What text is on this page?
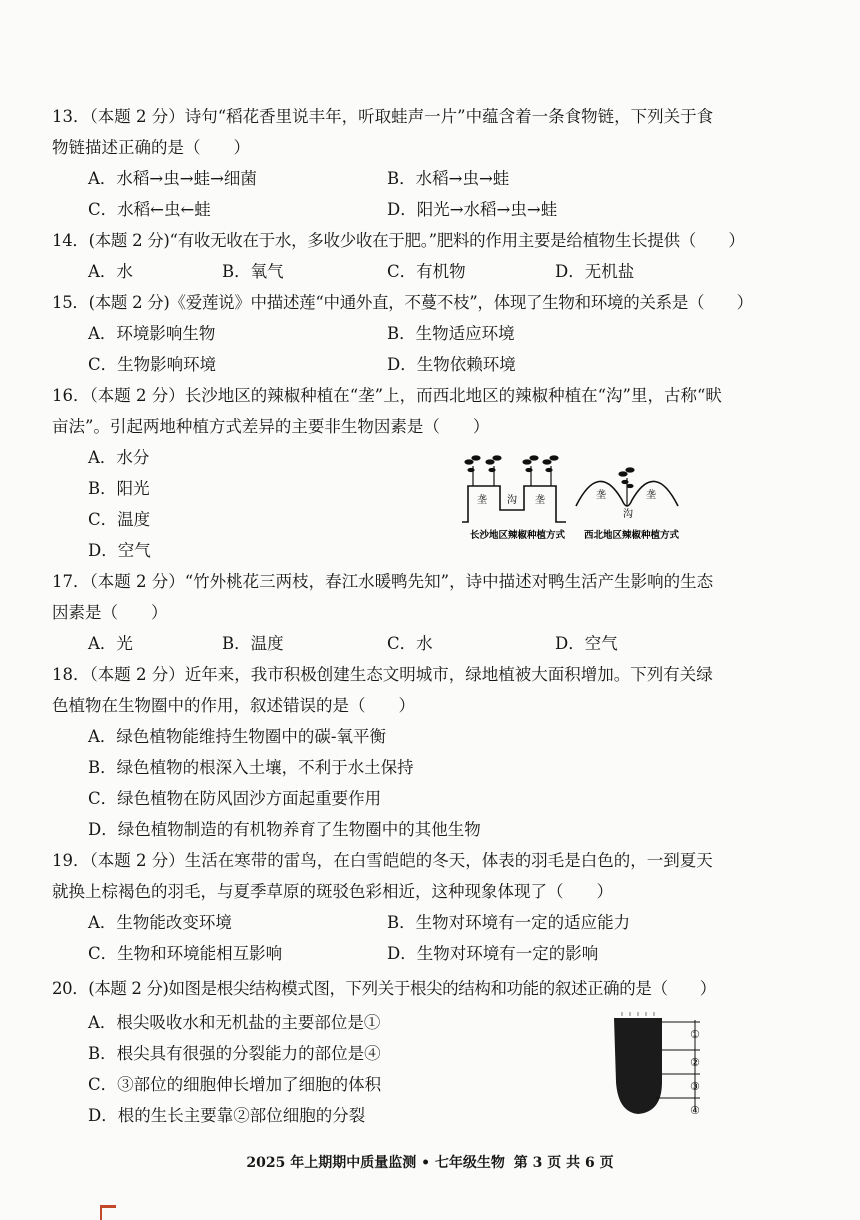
13．（本题 2 分）诗句“稻花香里说丰年，听取蛙声一片”中蕴含着一条食物链，下列关于食
物链描述正确的是（　　）
A．水稻→虫→蛙→细菌	B．水稻→虫→蛙
C．水稻←虫←蛙	D．阳光→水稻→虫→蛙
14．(本题 2 分)“有收无收在于水，多收少收在于肥。”肥料的作用主要是给植物生长提供（　　）
A．水	B．氧气	C．有机物	D．无机盐
15．(本题 2 分)《爱莲说》中描述莲“中通外直，不蔓不枝”，体现了生物和环境的关系是（　　）
A．环境影响生物	B．生物适应环境
C．生物影响环境	D．生物依赖环境
16．（本题 2 分）长沙地区的辣椒种植在“垄”上，而西北地区的辣椒种植在“沟”里，古称“畎
亩法”。引起两地种植方式差异的主要非生物因素是（　　）
A．水分
B．阳光
C．温度
D．空气
垄 沟 垄	垄	垄
沟
长沙地区辣椒种植方式 西北地区辣椒种植方式
17．（本题 2 分）“竹外桃花三两枝，春江水暖鸭先知”，诗中描述对鸭生活产生影响的生态
因素是（　　）
A．光	B．温度	C．水	D．空气
18．（本题 2 分）近年来，我市积极创建生态文明城市，绿地植被大面积增加。下列有关绿
色植物在生物圈中的作用，叙述错误的是（　　）
A．绿色植物能维持生物圈中的碳-氧平衡
B．绿色植物的根深入土壤，不利于水土保持
C．绿色植物在防风固沙方面起重要作用
D．绿色植物制造的有机物养育了生物圈中的其他生物
19．（本题 2 分）生活在寒带的雷鸟，在白雪皑皑的冬天，体表的羽毛是白色的，一到夏天
就换上棕褐色的羽毛，与夏季草原的斑驳色彩相近，这种现象体现了（　　）
A．生物能改变环境	B．生物对环境有一定的适应能力
C．生物和环境能相互影响	D．生物对环境有一定的影响
20．(本题 2 分)如图是根尖结构模式图，下列关于根尖的结构和功能的叙述正确的是（　　）
A．根尖吸收水和无机盐的主要部位是①
B．根尖具有很强的分裂能力的部位是④
C．③部位的细胞伸长增加了细胞的体积
D．根的生长主要靠②部位细胞的分裂
①
②
③
④
2025 年上期期中质量监测 • 七年级生物 第 3 页 共 6 页
